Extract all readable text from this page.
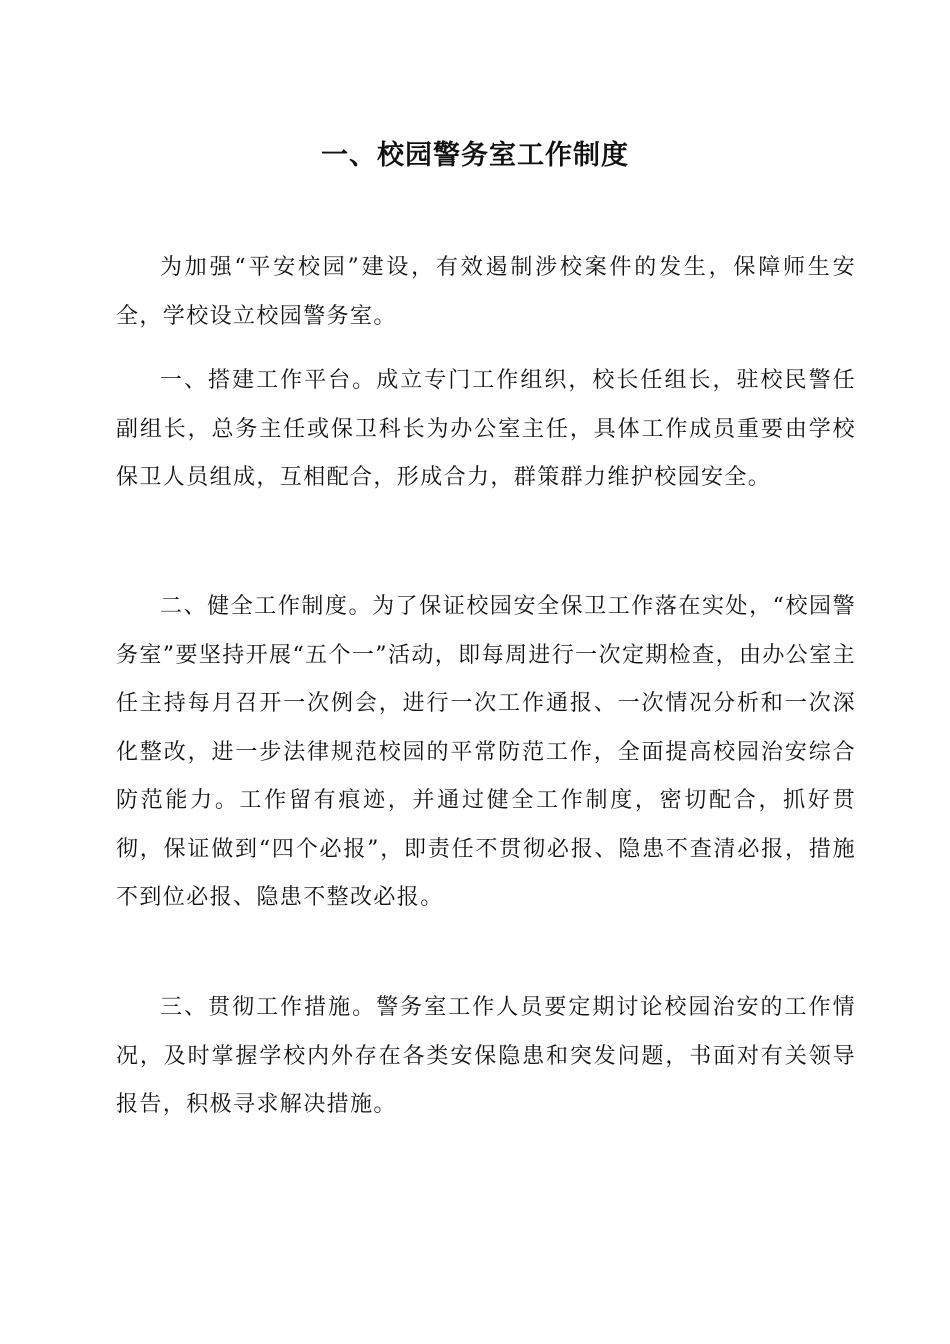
一、校园警务室工作制度

为加强“平安校园”建设，有效遏制涉校案件的发生，保障师生安全，学校设立校园警务室。

一、搭建工作平台。成立专门工作组织，校长任组长，驻校民警任副组长，总务主任或保卫科长为办公室主任，具体工作成员重要由学校保卫人员组成，互相配合，形成合力，群策群力维护校园安全。

二、健全工作制度。为了保证校园安全保卫工作落在实处，“校园警务室”要坚持开展“五个一”活动，即每周进行一次定期检查，由办公室主任主持每月召开一次例会，进行一次工作通报、一次情况分析和一次深化整改，进一步法律规范校园的平常防范工作，全面提高校园治安综合防范能力。工作留有痕迹，并通过健全工作制度，密切配合，抓好贯彻，保证做到“四个必报”，即责任不贯彻必报、隐患不查清必报，措施不到位必报、隐患不整改必报。

三、贯彻工作措施。警务室工作人员要定期讨论校园治安的工作情况，及时掌握学校内外存在各类安保隐患和突发问题，书面对有关领导报告，积极寻求解决措施。
